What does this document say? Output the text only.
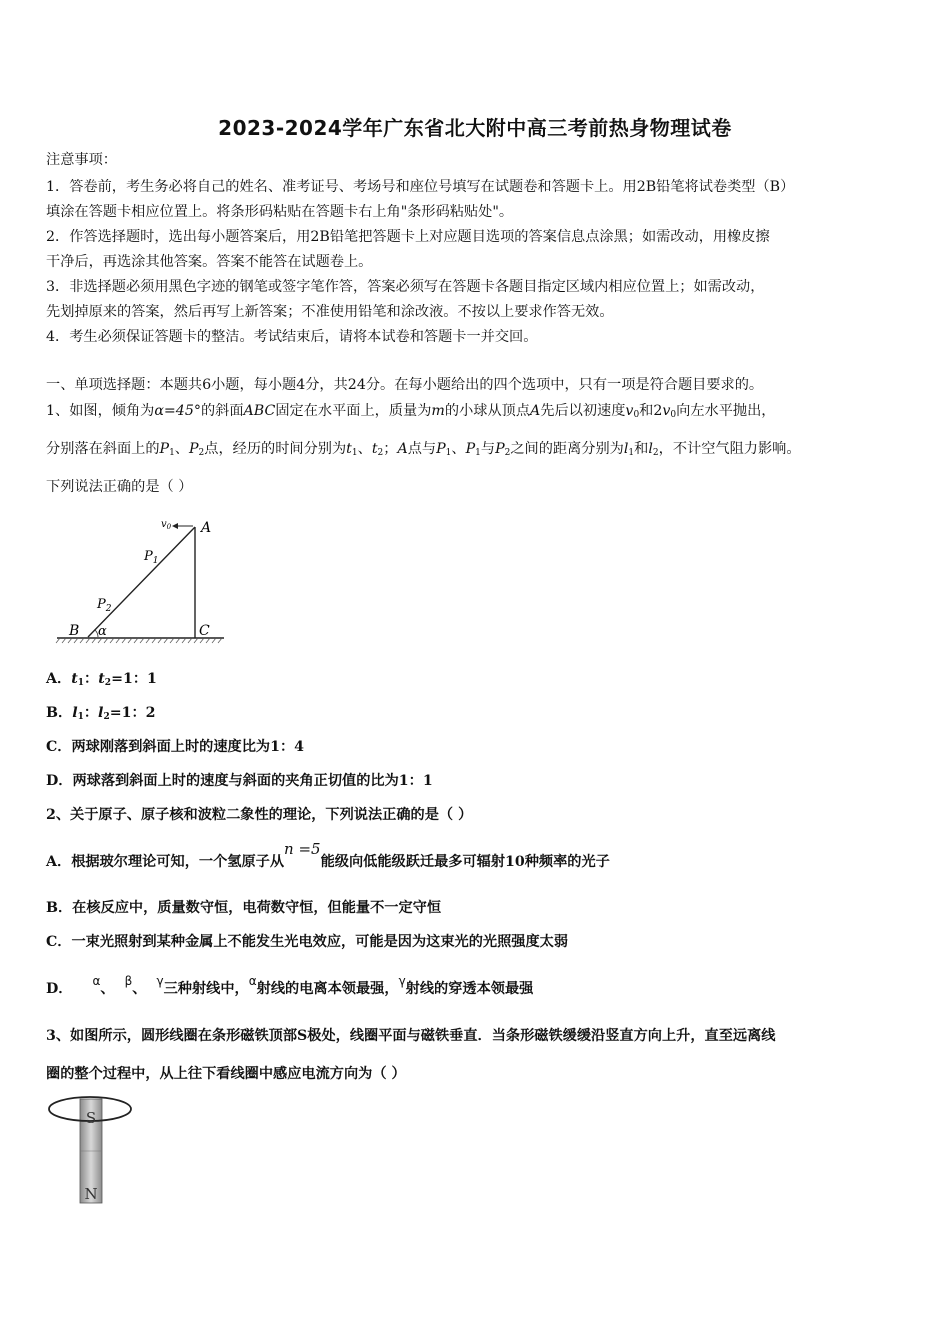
2023-2024学年广东省北大附中高三考前热身物理试卷
注意事项：
1．答卷前，考生务必将自己的姓名、准考证号、考场号和座位号填写在试题卷和答题卡上。用2B铅笔将试卷类型（B）
填涂在答题卡相应位置上。将条形码粘贴在答题卡右上角"条形码粘贴处"。
2．作答选择题时，选出每小题答案后，用2B铅笔把答题卡上对应题目选项的答案信息点涂黑；如需改动，用橡皮擦
干净后，再选涂其他答案。答案不能答在试题卷上。
3．非选择题必须用黑色字迹的钢笔或签字笔作答，答案必须写在答题卡各题目指定区域内相应位置上；如需改动，
先划掉原来的答案，然后再写上新答案；不准使用铅笔和涂改液。不按以上要求作答无效。
4．考生必须保证答题卡的整洁。考试结束后，请将本试卷和答题卡一并交回。
一、单项选择题：本题共6小题，每小题4分，共24分。在每小题给出的四个选项中，只有一项是符合题目要求的。
1、如图，倾角为α=45°的斜面ABC固定在水平面上，质量为m的小球从顶点A先后以初速度$v_0$和$2v_0$向左水平抛出，
分别落在斜面上的$P_1$、$P_2$点，经历的时间分别为$t_1$、$t_2$；A点与$P_1$、$P_1$与$P_2$之间的距离分别为$l_1$和$l_2$，不计空气阻力影响。
下列说法正确的是（ ）
$v_0$ A
$P_1$
$P_2$
B α	C
A．$t_1$：$t_2=1$：1
B．$l_1$：$l_2=1$：2
C．两球刚落到斜面上时的速度比为1：4
D．两球落到斜面上时的速度与斜面的夹角正切值的比为1：1
2、关于原子、原子核和波粒二象性的理论，下列说法正确的是（ ）
A．根据玻尔理论可知，一个氢原子从n =5能级向低能级跃迁最多可辐射10种频率的光子
B．在核反应中，质量数守恒，电荷数守恒，但能量不一定守恒
C．一束光照射到某种金属上不能发生光电效应，可能是因为这束光的光照强度太弱
D． $^\alpha$、 $^\beta$、 $^\gamma$三种射线中，$^\alpha$射线的电离本领最强，$^\gamma$射线的穿透本领最强
3、如图所示，圆形线圈在条形磁铁顶部S极处，线圈平面与磁铁垂直．当条形磁铁缓缓沿竖直方向上升，直至远离线
圈的整个过程中，从上往下看线圈中感应电流方向为（ ）
S
N
